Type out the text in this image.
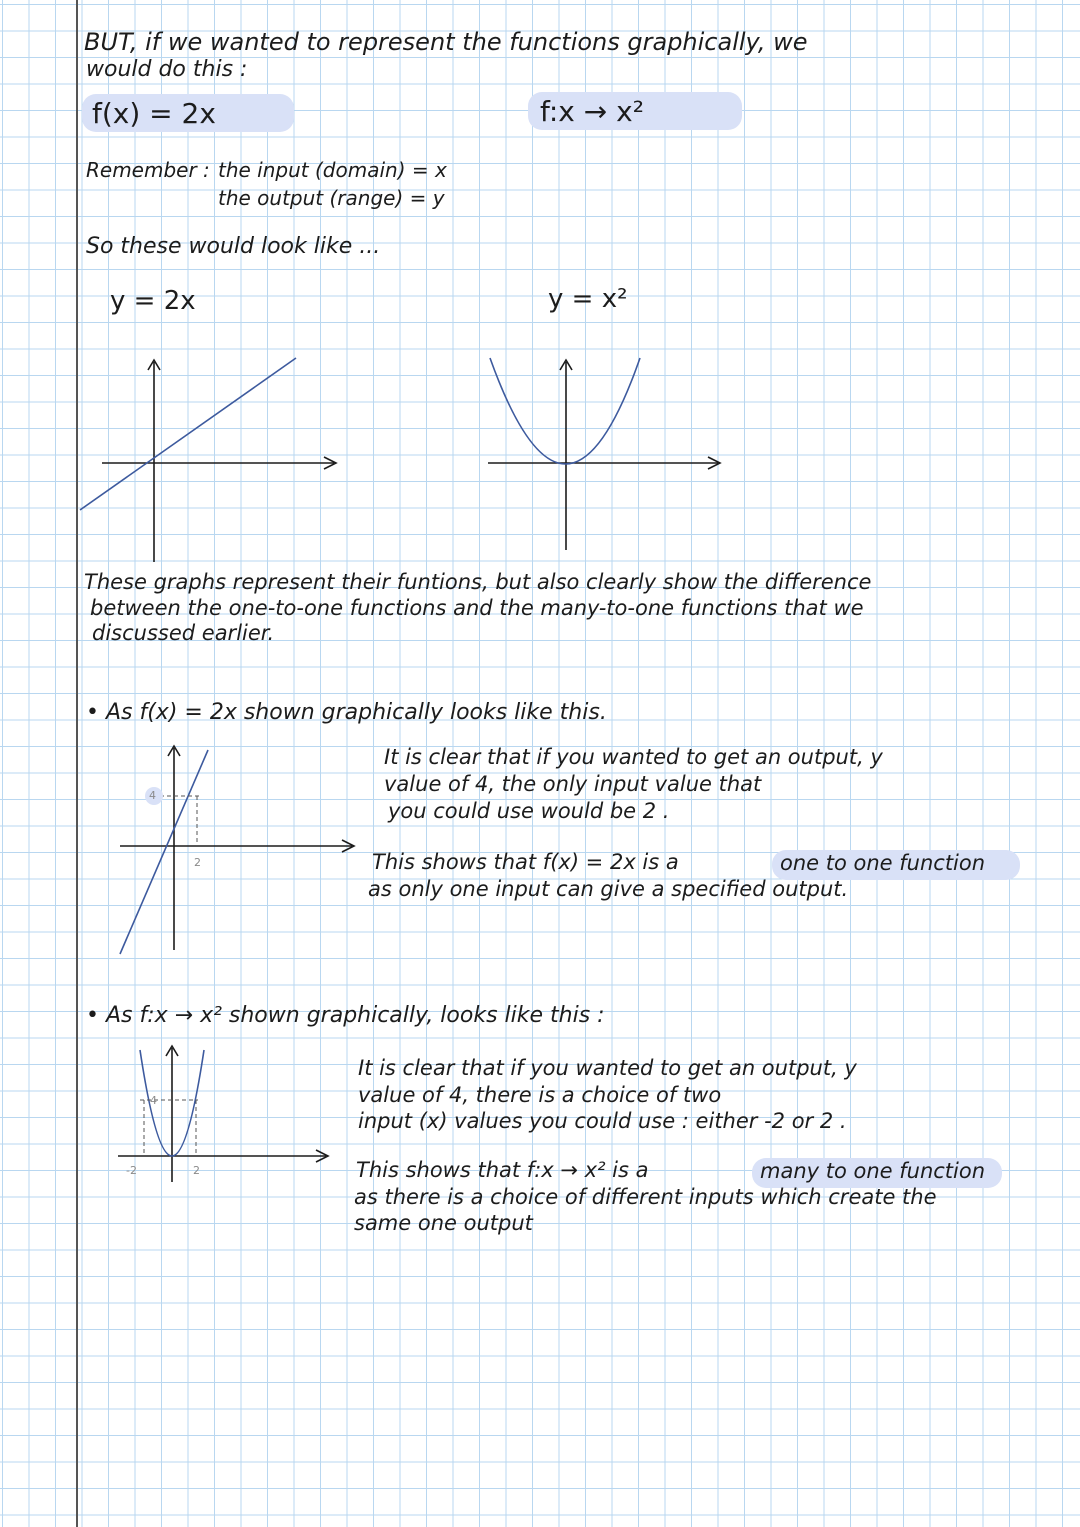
BUT, if we wanted to represent the functions graphically, we
would do this :
f(x) = 2x	f:x → x²
Remember : the input (domain) = x
the output (range) = y
So these would look like ...
y = 2x	y = x²
These graphs represent their funtions, but also clearly show the difference
between the one-to-one functions and the many-to-one functions that we
discussed earlier.
• As f(x) = 2x shown graphically looks like this.
4
2
It is clear that if you wanted to get an output, y
value of 4, the only input value that
you could use would be 2 .
This shows that f(x) = 2x is a	one to one function
as only one input can give a specified output.
• As f:x → x² shown graphically, looks like this :
4
-2	2
It is clear that if you wanted to get an output, y
value of 4, there is a choice of two
input (x) values you could use : either -2 or 2 .
This shows that f:x → x² is a	many to one function
as there is a choice of different inputs which create the
same one output
